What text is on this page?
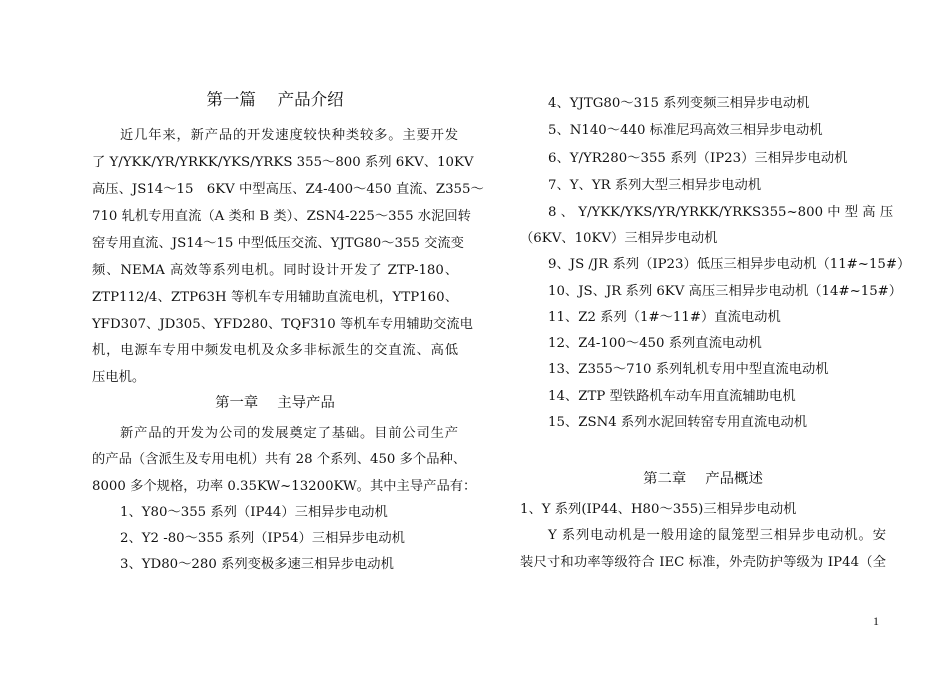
第一篇　 产品介绍
近几年来，新产品的开发速度较快种类较多。主要开发
了 Y/YKK/YR/YRKK/YKS/YRKS 355～800 系列 6KV、10KV
高压、JS14～15　6KV 中型高压、Z4-400～450 直流、Z355～
710 轧机专用直流（A 类和 B 类）、ZSN4-225～355 水泥回转
窑专用直流、JS14～15 中型低压交流、YJTG80～355 交流变
频、NEMA 高效等系列电机。同时设计开发了 ZTP-180、
ZTP112/4、ZTP63H 等机车专用辅助直流电机，YTP160、
YFD307、JD305、YFD280、TQF310 等机车专用辅助交流电
机，电源车专用中频发电机及众多非标派生的交直流、高低
压电机。
第一章　 主导产品
新产品的开发为公司的发展奠定了基础。目前公司生产
的产品（含派生及专用电机）共有 28 个系列、450 多个品种、
8000 多个规格，功率 0.35KW~13200KW。其中主导产品有：
1、Y80～355 系列（IP44）三相异步电动机
2、Y2 -80～355 系列（IP54）三相异步电动机
3、YD80～280 系列变极多速三相异步电动机
4、YJTG80～315 系列变频三相异步电动机
5、N140～440 标准尼玛高效三相异步电动机
6、Y/YR280～355 系列（IP23）三相异步电动机
7、Y、YR 系列大型三相异步电动机
8 、 Y/YKK/YKS/YR/YRKK/YRKS355~800 中 型 高 压
（6KV、10KV）三相异步电动机
9、JS /JR 系列（IP23）低压三相异步电动机（11#~15#）
10、JS、JR 系列 6KV 高压三相异步电动机（14#~15#）
11、Z2 系列（1#～11#）直流电动机
12、Z4-100～450 系列直流电动机
13、Z355～710 系列轧机专用中型直流电动机
14、ZTP 型铁路机车动车用直流辅助电机
15、ZSN4 系列水泥回转窑专用直流电动机
第二章　 产品概述
1、Y 系列(IP44、H80～355)三相异步电动机
Y 系列电动机是一般用途的鼠笼型三相异步电动机。安
装尺寸和功率等级符合 IEC 标准，外壳防护等级为 IP44（全
1
